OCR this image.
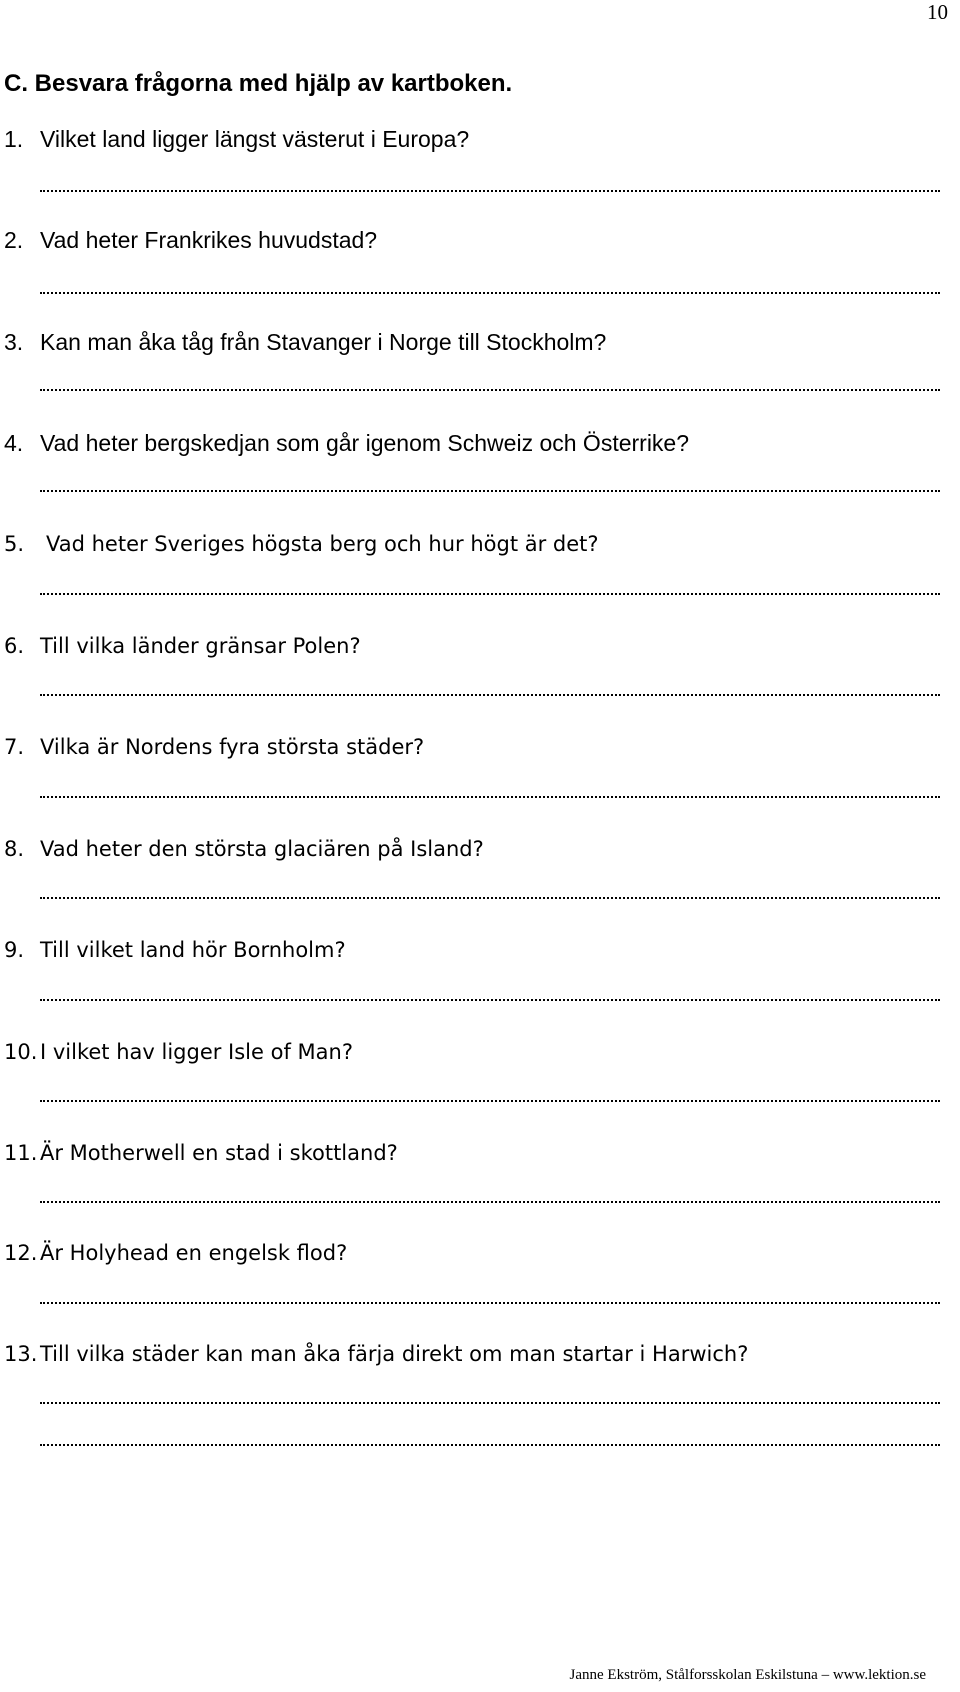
10
C. Besvara frågorna med hjälp av kartboken.
1. Vilket land ligger längst västerut i Europa?
2. Vad heter Frankrikes huvudstad?
3. Kan man åka tåg från Stavanger i Norge till Stockholm?
4. Vad heter bergskedjan som går igenom Schweiz och Österrike?
5. Vad heter Sveriges högsta berg och hur högt är det?
6. Till vilka länder gränsar Polen?
7. Vilka är Nordens fyra största städer?
8. Vad heter den största glaciären på Island?
9. Till vilket land hör Bornholm?
10. I vilket hav ligger Isle of Man?
11. Är Motherwell en stad i skottland?
12. Är Holyhead en engelsk flod?
13. Till vilka städer kan man åka färja direkt om man startar i Harwich?
Janne Ekström, Stålforsskolan Eskilstuna – www.lektion.se
